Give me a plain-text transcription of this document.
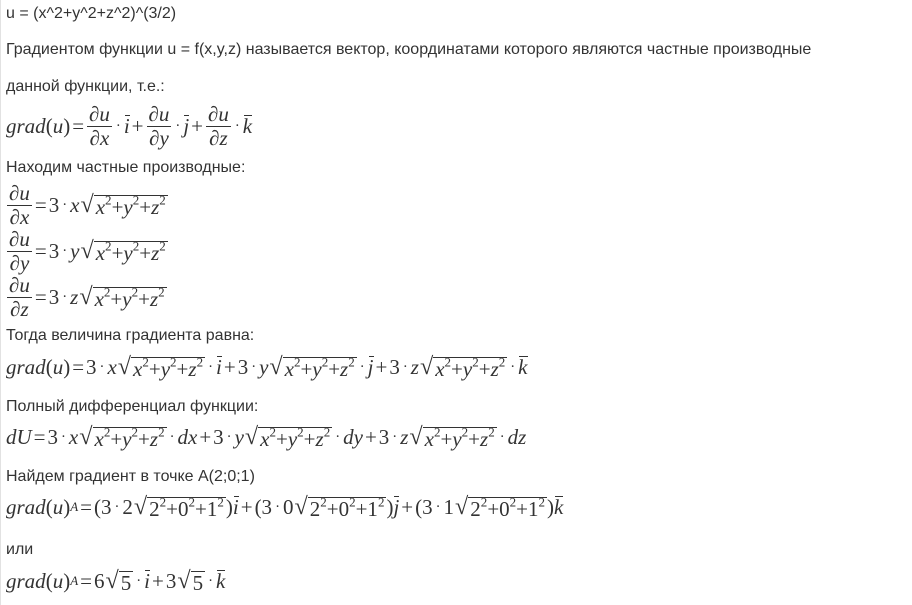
u = (x^2+y^2+z^2)^(3/2)
Градиентом функции u = f(x,y,z) называется вектор, координатами которого являются частные производные
данной функции, т.е.:
grad ( u ) = $\frac{\partial u}{\partial x} \cdot i + \frac{\partial u}{\partial y} \cdot j + \frac{\partial u}{\partial z} \cdot k$
Находим частные производные:
$\frac{\partial u}{\partial x} = 3 \cdot x$ √ $x^2+y^2+z^2$
$\frac{\partial u}{\partial y} = 3 \cdot y$ √ $x^2+y^2+z^2$
$\frac{\partial u}{\partial z} = 3 \cdot z$ √ $x^2+y^2+z^2$
Тогда величина градиента равна:
grad ( u ) = 3 · x √ $x^2+y^2+z^2 \cdot i + 3 \cdot y$ √ $x^2+y^2+z^2 \cdot j + 3 \cdot z$ √ $x^2+y^2+z^2 \cdot k$
Полный дифференциал функции:
dU = 3 · x √ $x^2+y^2+z^2$ · dx + 3 · y √ $x^2+y^2+z^2$ · dy + 3 · z √ $x^2+y^2+z^2$ · dz
Найдем градиент в точке A(2;0;1)
grad ( u ) A = (3 · 2 √ $2^2+0^2+1^2$ ) i + (3 · 0 √ $2^2+0^2+1^2$ ) j + (3 · 1 √ $2^2+0^2+1^2$ ) k
или
grad ( u ) A = 6 √ 5 · i + 3 √ 5 · k
